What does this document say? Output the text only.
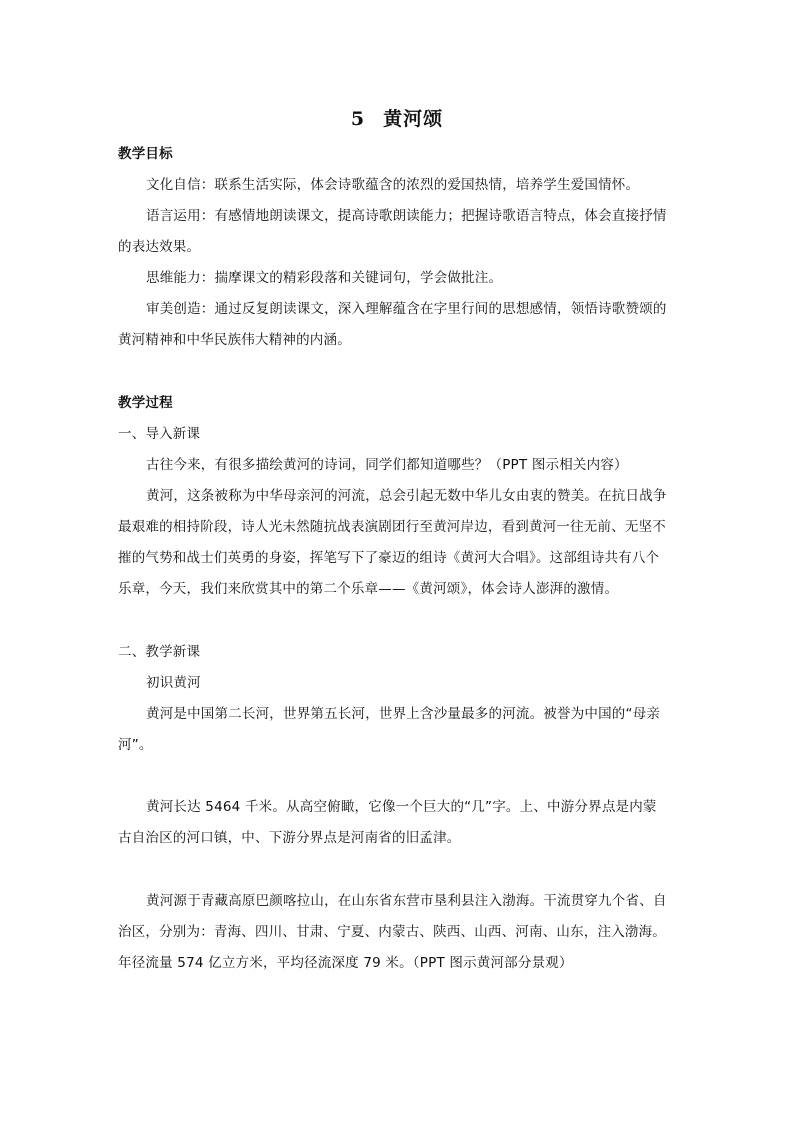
5 黄河颂
教学目标
文化自信：联系生活实际，体会诗歌蕴含的浓烈的爱国热情，培养学生爱国情怀。
语言运用：有感情地朗读课文，提高诗歌朗读能力；把握诗歌语言特点，体会直接抒情
的表达效果。
思维能力：揣摩课文的精彩段落和关键词句，学会做批注。
审美创造：通过反复朗读课文，深入理解蕴含在字里行间的思想感情，领悟诗歌赞颂的
黄河精神和中华民族伟大精神的内涵。
教学过程
一、导入新课
古往今来，有很多描绘黄河的诗词，同学们都知道哪些？（PPT 图示相关内容）
黄河，这条被称为中华母亲河的河流，总会引起无数中华儿女由衷的赞美。在抗日战争
最艰难的相持阶段，诗人光未然随抗战表演剧团行至黄河岸边，看到黄河一往无前、无坚不
摧的气势和战士们英勇的身姿，挥笔写下了豪迈的组诗《黄河大合唱》。这部组诗共有八个
乐章，今天，我们来欣赏其中的第二个乐章——《黄河颂》，体会诗人澎湃的激情。
二、教学新课
初识黄河
黄河是中国第二长河，世界第五长河，世界上含沙量最多的河流。被誉为中国的“母亲
河”。
黄河长达 5464 千米。从高空俯瞰，它像一个巨大的“几”字。上、中游分界点是内蒙
古自治区的河口镇，中、下游分界点是河南省的旧孟津。
黄河源于青藏高原巴颜喀拉山，在山东省东营市垦利县注入渤海。干流贯穿九个省、自
治区，分别为：青海、四川、甘肃、宁夏、内蒙古、陕西、山西、河南、山东，注入渤海。
年径流量 574 亿立方米，平均径流深度 79 米。（PPT 图示黄河部分景观）
